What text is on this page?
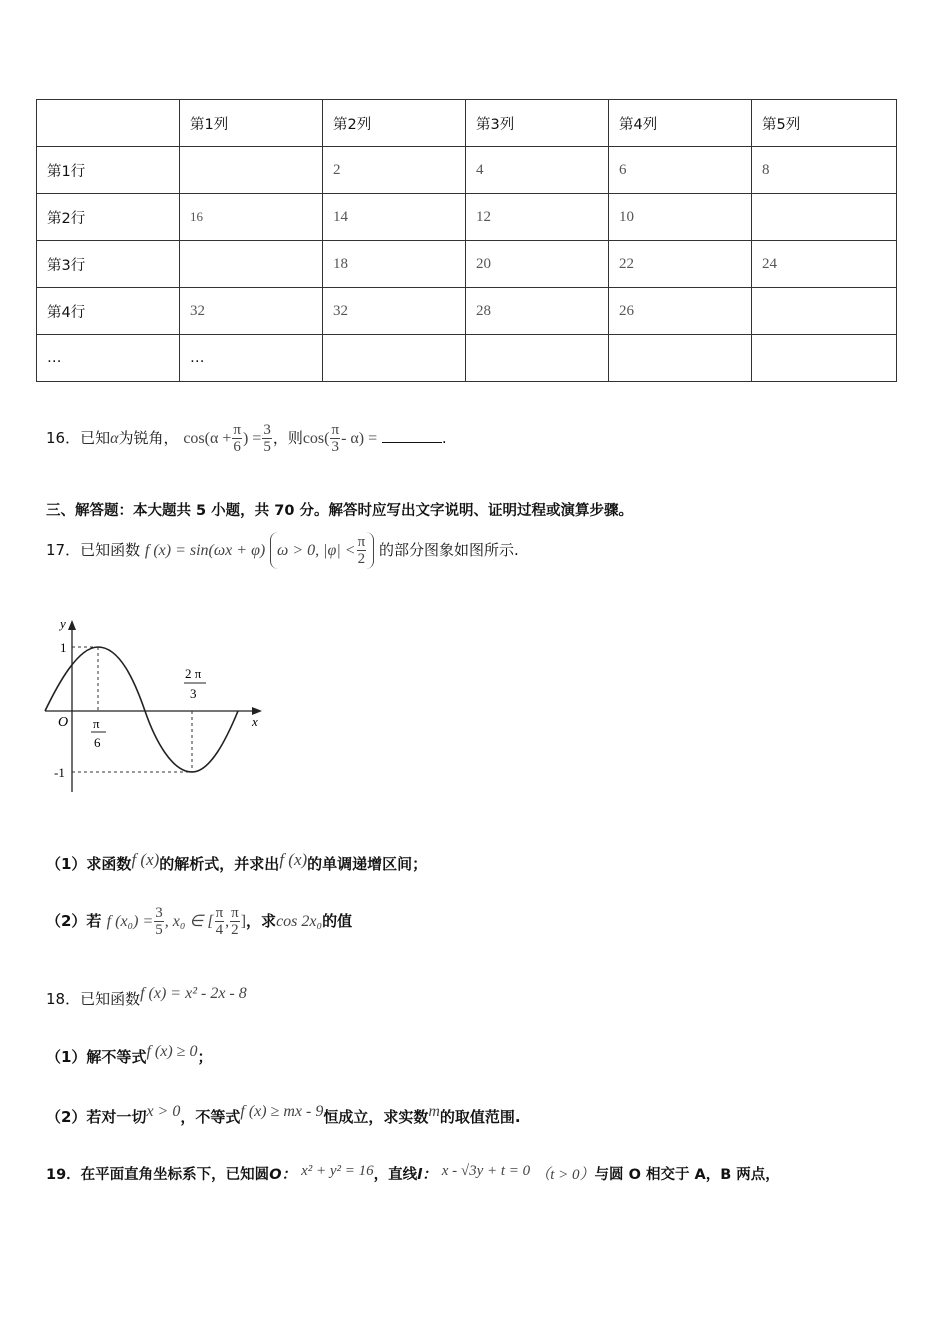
	第1列	第2列	第3列	第4列	第5列
第1行		2	4	6	8
第2行	16	14	12	10	
第3行		18	20	22	24
第4行	32	32	28	26	
…	…				
16．已知α为锐角， $\cos(\alpha + \frac{\pi}{6}$ ) = $\frac{3}{5}$ ，则$\cos( \frac{\pi}{3} - \alpha)$ =	.
三、解答题：本大题共 5 小题，共 70 分。解答时应写出文字说明、证明过程或演算步骤。
17．已知函数 f (x) = sin(ωx + φ) ω > 0, $|\varphi| < \frac{\pi}{2}$ 的部分图象如图所示.
y
x
O
1
-1
π
6
2 π
3
（1）求函数f (x)的解析式，并求出f (x)的单调递增区间；
（2）若 f $(x_0) = \frac{3}{5}$ , x₀ ∈ [ $\frac{\pi}{4}$ , $\frac{\pi}{2}$ ]，求cos 2x₀的值
18．已知函数f (x) = x² - 2x - 8
（1）解不等式f (x) ≥ 0；
（2）若对一切x > 0，不等式f (x) ≥ mx - 9恒成立，求实数m的取值范围.
19．在平面直角坐标系下，已知圆O： x² + y² = 16，直线l： x - √3y + t = 0 （t > 0）与圆 O 相交于 A，B 两点，
